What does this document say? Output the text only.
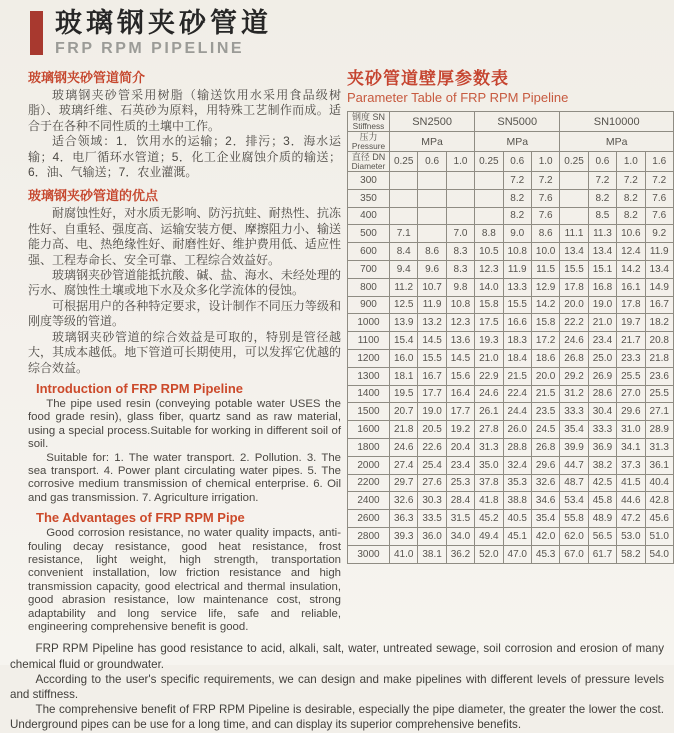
玻璃钢夹砂管道
FRP RPM PIPELINE
玻璃钢夹砂管道简介

玻璃钢夹砂管采用树脂（输送饮用水采用食品级树脂）、玻璃纤维、石英砂为原料，用特殊工艺制作而成。适合于在各种不同性质的土壤中工作。

适合领域：1．饮用水的运输；2．排污；3．海水运输；4．电厂循环水管道；5．化工企业腐蚀介质的输送；6．油、气输送；7．农业灌溉。

玻璃钢夹砂管道的优点

耐腐蚀性好，对水质无影响、防污抗蛀、耐热性、抗冻性好、自重轻、强度高、运输安装方便、摩擦阻力小、输送能力高、电、热绝缘性好、耐磨性好、维护费用低、适应性强、工程寿命长、安全可靠、工程综合效益好。

玻璃钢夹砂管道能抵抗酸、碱、盐、海水、未经处理的污水、腐蚀性土壤或地下水及众多化学流体的侵蚀。

可根据用户的各种特定要求，设计制作不同压力等级和刚度等级的管道。

玻璃钢夹砂管道的综合效益是可取的，特别是管径越大，其成本越低。地下管道可长期使用，可以发挥它优越的综合效益。

Introduction of FRP RPM Pipeline

The pipe used resin (conveying potable water USES the food grade resin), glass fiber, quartz sand as raw material, using a special process.Suitable for working in different soil of soil.

Suitable for: 1. The water transport. 2. Pollution. 3. The sea transport. 4. Power plant circulating water pipes. 5. The corrosive medium transmission of chemical enterprise. 6. Oil and gas transmission. 7. Agriculture irrigation.

The Advantages of FRP RPM Pipe

Good corrosion resistance, no water quality impacts, anti-fouling decay resistance, good heat resistance, frost resistance, light weight, high strength, transportation convenient installation, low friction resistance and high transmission capacity, good electrical and thermal insulation, good abrasion resistance, low maintenance cost, strong adaptability and long service life, safe and reliable, engineering comprehensive benefit is good.

夹砂管道壁厚参数表
Parameter Table of FRP RPM Pipeline
钢度 SN
Stiffness	SN2500			SN5000			SN10000			

压力
Pressure	MPa			MPa			MPa			

直径 DN
Diameter	0.25	0.6	1.0	0.25	0.6	1.0	0.25	0.6	1.0	1.6
300					7.2	7.2		7.2	7.2	7.2
350					8.2	7.6		8.2	8.2	7.6
400					8.2	7.6		8.5	8.2	7.6
500	7.1		7.0	8.8	9.0	8.6	11.1	11.3	10.6	9.2
600	8.4	8.6	8.3	10.5	10.8	10.0	13.4	13.4	12.4	11.9
700	9.4	9.6	8.3	12.3	11.9	11.5	15.5	15.1	14.2	13.4
800	11.2	10.7	9.8	14.0	13.3	12.9	17.8	16.8	16.1	14.9
900	12.5	11.9	10.8	15.8	15.5	14.2	20.0	19.0	17.8	16.7
1000	13.9	13.2	12.3	17.5	16.6	15.8	22.2	21.0	19.7	18.2
1100	15.4	14.5	13.6	19.3	18.3	17.2	24.6	23.4	21.7	20.8
1200	16.0	15.5	14.5	21.0	18.4	18.6	26.8	25.0	23.3	21.8
1300	18.1	16.7	15.6	22.9	21.5	20.0	29.2	26.9	25.5	23.6
1400	19.5	17.7	16.4	24.6	22.4	21.5	31.2	28.6	27.0	25.5
1500	20.7	19.0	17.7	26.1	24.4	23.5	33.3	30.4	29.6	27.1
1600	21.8	20.5	19.2	27.8	26.0	24.5	35.4	33.3	31.0	28.9
1800	24.6	22.6	20.4	31.3	28.8	26.8	39.9	36.9	34.1	31.3
2000	27.4	25.4	23.4	35.0	32.4	29.6	44.7	38.2	37.3	36.1
2200	29.7	27.6	25.3	37.8	35.3	32.6	48.7	42.5	41.5	40.4
2400	32.6	30.3	28.4	41.8	38.8	34.6	53.4	45.8	44.6	42.8
2600	36.3	33.5	31.5	45.2	40.5	35.4	55.8	48.9	47.2	45.6
2800	39.3	36.0	34.0	49.4	45.1	42.0	62.0	56.5	53.0	51.0
3000	41.0	38.1	36.2	52.0	47.0	45.3	67.0	61.7	58.2	54.0

FRP RPM Pipeline has good resistance to acid, alkali, salt, water, untreated sewage, soil corrosion and erosion of many chemical fluid or groundwater.

According to the user's specific requirements, we can design and make pipelines with different levels of pressure levels and stiffness.

The comprehensive benefit of FRP RPM Pipeline is desirable, especially the pipe diameter, the greater the lower the cost. Underground pipes can be use for a long time, and can display its superior comprehensive benefits.
